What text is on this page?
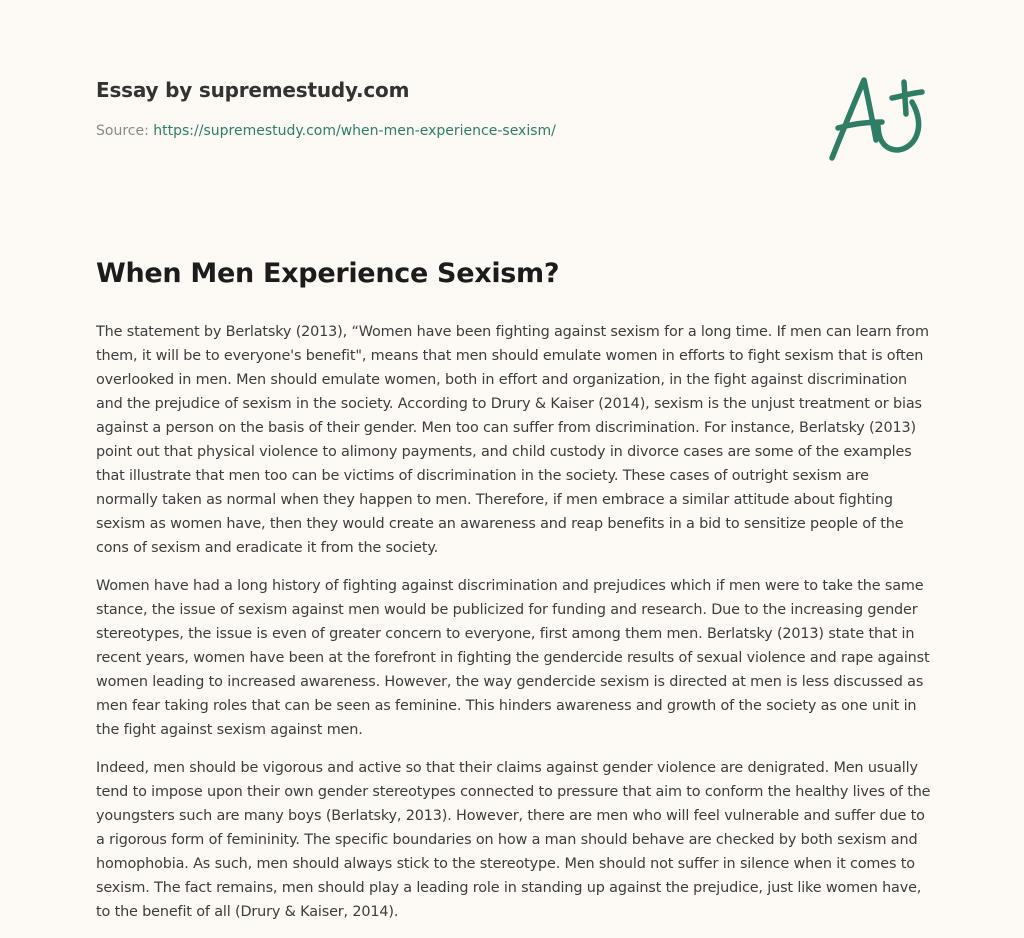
Essay by supremestudy.com
Source: https://supremestudy.com/when-men-experience-sexism/
When Men Experience Sexism?

The statement by Berlatsky (2013), “Women have been fighting against sexism for a long time. If men can learn from them, it will be to everyone's benefit", means that men should emulate women in efforts to fight sexism that is often overlooked in men. Men should emulate women, both in effort and organization, in the fight against discrimination and the prejudice of sexism in the society. According to Drury & Kaiser (2014), sexism is the unjust treatment or bias against a person on the basis of their gender. Men too can suffer from discrimination. For instance, Berlatsky (2013) point out that physical violence to alimony payments, and child custody in divorce cases are some of the examples that illustrate that men too can be victims of discrimination in the society. These cases of outright sexism are normally taken as normal when they happen to men. Therefore, if men embrace a similar attitude about fighting sexism as women have, then they would create an awareness and reap benefits in a bid to sensitize people of the cons of sexism and eradicate it from the society.

Women have had a long history of fighting against discrimination and prejudices which if men were to take the same stance, the issue of sexism against men would be publicized for funding and research. Due to the increasing gender stereotypes, the issue is even of greater concern to everyone, first among them men. Berlatsky (2013) state that in recent years, women have been at the forefront in fighting the gendercide results of sexual violence and rape against women leading to increased awareness. However, the way gendercide sexism is directed at men is less discussed as men fear taking roles that can be seen as feminine. This hinders awareness and growth of the society as one unit in the fight against sexism against men.

Indeed, men should be vigorous and active so that their claims against gender violence are denigrated. Men usually tend to impose upon their own gender stereotypes connected to pressure that aim to conform the healthy lives of the youngsters such are many boys (Berlatsky, 2013). However, there are men who will feel vulnerable and suffer due to a rigorous form of femininity. The specific boundaries on how a man should behave are checked by both sexism and homophobia. As such, men should always stick to the stereotype. Men should not suffer in silence when it comes to sexism. The fact remains, men should play a leading role in standing up against the prejudice, just like women have, to the benefit of all (Drury & Kaiser, 2014).
